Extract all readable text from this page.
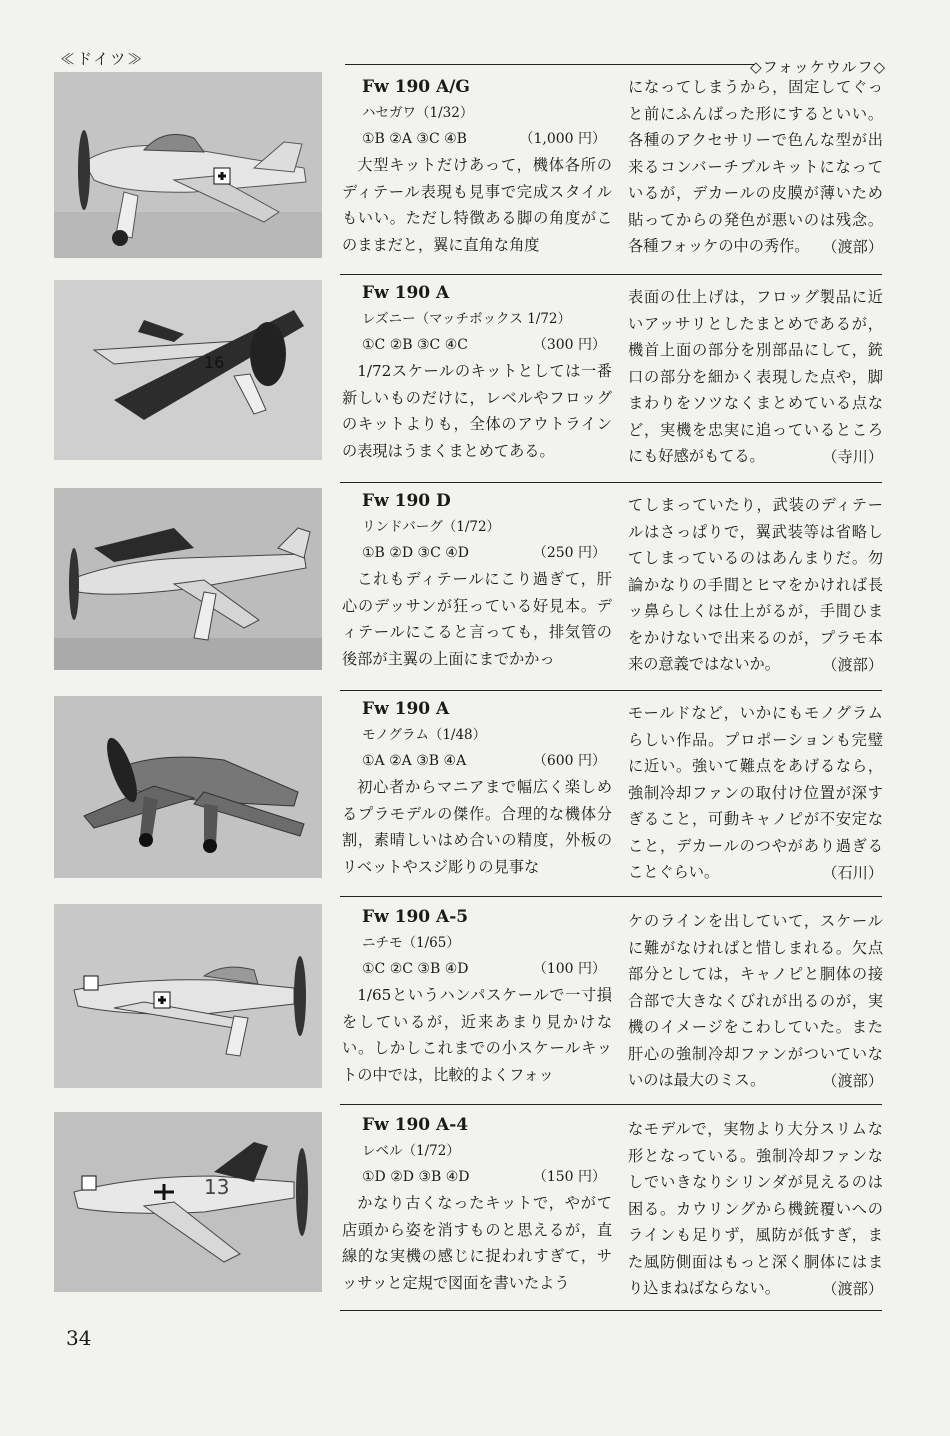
≪ドイツ≫	◇フォッケウルフ◇
Fw 190 A/G
ハセガワ（1/32）
①B ②A ③C ④B	（1,000 円）
大型キットだけあって，機体各所のディテール表現も見事で完成スタイルもいい。ただし特徴ある脚の角度がこのままだと，翼に直角な角度
になってしまうから，固定してぐっと前にふんばった形にするといい。各種のアクセサリーで色んな型が出来るコンバーチブルキットになっているが，デカールの皮膜が薄いため貼ってからの発色が悪いのは残念。各種フォッケの中の秀作。 （渡部）
16
Fw 190 A
レズニー（マッチボックス 1/72）
①C ②B ③C ④C	（300 円）
1/72スケールのキットとしては一番新しいものだけに，レベルやフロッグのキットよりも，全体のアウトラインの表現はうまくまとめてある。
表面の仕上げは，フロッグ製品に近いアッサリとしたまとめであるが，機首上面の部分を別部品にして，銃口の部分を細かく表現した点や，脚まわりをソツなくまとめている点など，実機を忠実に追っているところにも好感がもてる。	（寺川）
Fw 190 D
リンドバーグ（1/72）
①B ②D ③C ④D	（250 円）
これもディテールにこり過ぎて，肝心のデッサンが狂っている好見本。ディテールにこると言っても，排気管の後部が主翼の上面にまでかかっ
てしまっていたり，武装のディテールはさっぱりで，翼武装等は省略してしまっているのはあんまりだ。勿論かなりの手間とヒマをかければ長ッ鼻らしくは仕上がるが，手間ひまをかけないで出来るのが，プラモ本来の意義ではないか。	（渡部）
Fw 190 A
モノグラム（1/48）
①A ②A ③B ④A	（600 円）
初心者からマニアまで幅広く楽しめるプラモデルの傑作。合理的な機体分割，素晴しいはめ合いの精度，外板のリベットやスジ彫りの見事な
モールドなど，いかにもモノグラムらしい作品。プロポーションも完璧に近い。強いて難点をあげるなら，強制冷却ファンの取付け位置が深すぎること，可動キャノピが不安定なこと，デカールのつやがあり過ぎることぐらい。	（石川）
Fw 190 A-5
ニチモ（1/65）
①C ②C ③B ④D	（100 円）
1/65というハンパスケールで一寸損をしているが，近来あまり見かけない。しかしこれまでの小スケールキットの中では，比較的よくフォッ
ケのラインを出していて，スケールに難がなければと惜しまれる。欠点部分としては，キャノピと胴体の接合部で大きなくびれが出るのが，実機のイメージをこわしていた。また肝心の強制冷却ファンがついていないのは最大のミス。	（渡部）
13
Fw 190 A-4
レベル（1/72）
①D ②D ③B ④D	（150 円）
かなり古くなったキットで，やがて店頭から姿を消すものと思えるが，直線的な実機の感じに捉われすぎて，サッサッと定規で図面を書いたよう
なモデルで，実物より大分スリムな形となっている。強制冷却ファンなしでいきなりシリンダが見えるのは困る。カウリングから機銃覆いへのラインも足りず，風防が低すぎ，また風防側面はもっと深く胴体にはまり込まねばならない。	（渡部）
34
